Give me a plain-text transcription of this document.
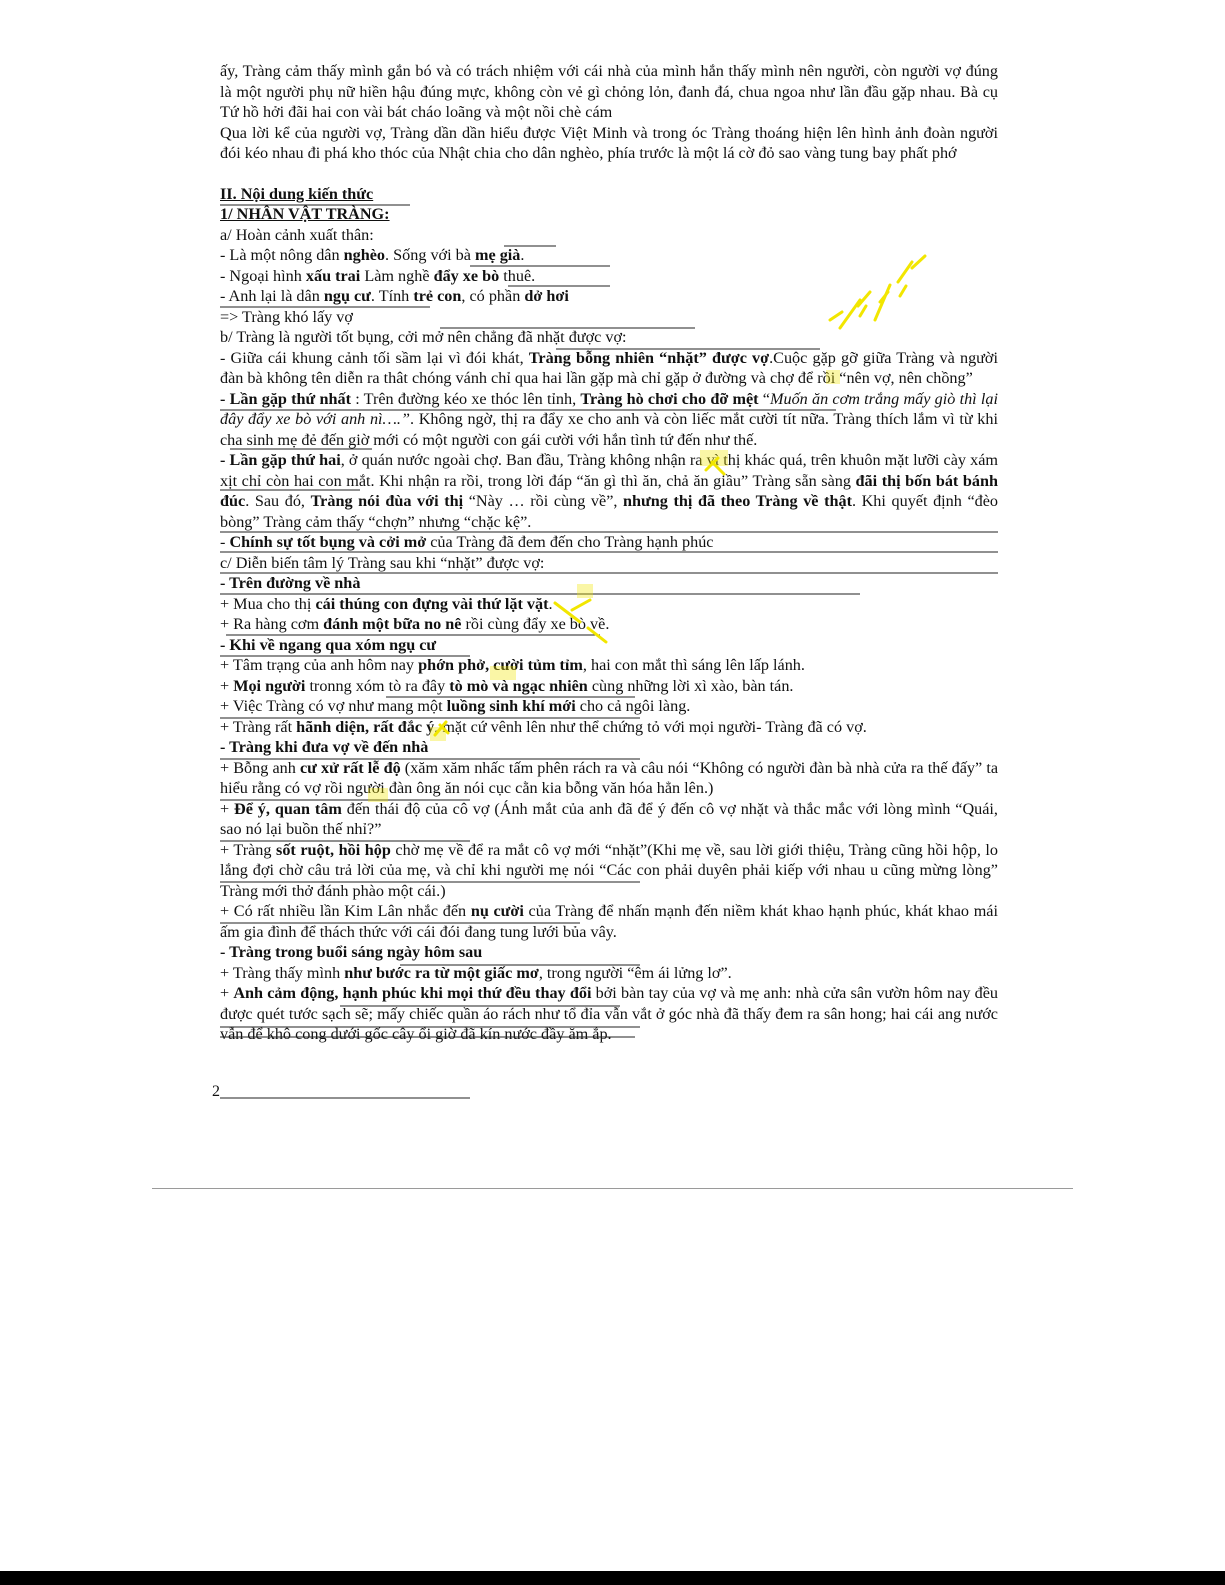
ấy, Tràng cảm thấy mình gắn bó và có trách nhiệm với cái nhà của mình hắn thấy mình nên người, còn người vợ đúng là một người phụ nữ hiền hậu đúng mực, không còn vẻ gì chỏng lỏn, đanh đá, chua ngoa như lần đầu gặp nhau. Bà cụ Tứ hồ hởi đãi hai con vài bát cháo loãng và một nồi chè cám
Qua lời kể của người vợ, Tràng dần dần hiểu được Việt Minh và trong óc Tràng thoáng hiện lên hình ảnh đoàn người đói kéo nhau đi phá kho thóc của Nhật chia cho dân nghèo, phía trước là một lá cờ đỏ sao vàng tung bay phất phớ
II. Nội dung kiến thức
1/ NHÂN VẬT TRÀNG:
a/ Hoàn cảnh xuất thân:
- Là một nông dân nghèo. Sống với bà mẹ già.
- Ngoại hình xấu trai Làm nghề đẩy xe bò thuê.
- Anh lại là dân ngụ cư. Tính trẻ con, có phần dở hơi
=> Tràng khó lấy vợ
b/ Tràng là người tốt bụng, cởi mở nên chẳng đã nhặt được vợ:
- Giữa cái khung cảnh tối sầm lại vì đói khát, Tràng bỗng nhiên “nhặt” được vợ.Cuộc gặp gỡ giữa Tràng và người đàn bà không tên diễn ra thât chóng vánh chỉ qua hai lần gặp mà chỉ gặp ở đường và chợ để rồi “nên vợ, nên chồng”
- Lần gặp thứ nhất : Trên đường kéo xe thóc lên tỉnh, Tràng hò chơi cho đỡ mệt “Muốn ăn cơm trắng mấy giò thì lại đây đẩy xe bò với anh nì….”. Không ngờ, thị ra đẩy xe cho anh và còn liếc mắt cười tít nữa. Tràng thích lắm vì từ khi cha sinh mẹ đẻ đến giờ mới có một người con gái cười với hắn tình tứ đến như thế.
- Lần gặp thứ hai, ở quán nước ngoài chợ. Ban đầu, Tràng không nhận ra vì thị khác quá, trên khuôn mặt lưỡi cày xám xịt chỉ còn hai con mắt. Khi nhận ra rồi, trong lời đáp “ăn gì thì ăn, chả ăn giầu” Tràng sẵn sàng đãi thị bốn bát bánh đúc. Sau đó, Tràng nói đùa với thị “Này … rồi cùng về”, nhưng thị đã theo Tràng về thật. Khi quyết định “đèo bòng” Tràng cảm thấy “chợn” nhưng “chặc kệ”.
- Chính sự tốt bụng và cởi mở của Tràng đã đem đến cho Tràng hạnh phúc
c/ Diễn biến tâm lý Tràng sau khi “nhặt” được vợ:
- Trên đường về nhà
+ Mua cho thị cái thúng con đựng vài thứ lặt vặt.
+ Ra hàng cơm đánh một bữa no nê rồi cùng đẩy xe bò về.
- Khi về ngang qua xóm ngụ cư
+ Tâm trạng của anh hôm nay phớn phở, cười tủm tỉm, hai con mắt thì sáng lên lấp lánh.
+ Mọi người tronng xóm tò ra đây tò mò và ngạc nhiên cùng những lời xì xào, bàn tán.
+ Việc Tràng có vợ như mang một luồng sinh khí mới cho cả ngôi làng.
+ Tràng rất hãnh diện, rất đắc ý, mặt cứ vênh lên như thể chứng tỏ với mọi người- Tràng đã có vợ.
- Tràng khi đưa vợ về đến nhà
+ Bỗng anh cư xử rất lễ độ (xăm xăm nhấc tấm phên rách ra và câu nói “Không có người đàn bà nhà cửa ra thế đấy” ta hiểu rằng có vợ rồi người đàn ông ăn nói cục cằn kia bỗng văn hóa hẳn lên.)
+ Để ý, quan tâm đến thái độ của cô vợ (Ánh mắt của anh đã để ý đến cô vợ nhặt và thắc mắc với lòng mình “Quái, sao nó lại buồn thế nhỉ?”
+ Tràng sốt ruột, hồi hộp chờ mẹ về để ra mắt cô vợ mới “nhặt”(Khi mẹ về, sau lời giới thiệu, Tràng cũng hồi hộp, lo lắng đợi chờ câu trả lời của mẹ, và chỉ khi người mẹ nói “Các con phải duyên phải kiếp với nhau u cũng mừng lòng” Tràng mới thở đánh phào một cái.)
+ Có rất nhiều lần Kim Lân nhắc đến nụ cười của Tràng để nhấn mạnh đến niềm khát khao hạnh phúc, khát khao mái ấm gia đình để thách thức với cái đói đang tung lưới bủa vây.
- Tràng trong buổi sáng ngày hôm sau
+ Tràng thấy mình như bước ra từ một giấc mơ, trong người “êm ái lửng lơ”.
+ Anh cảm động, hạnh phúc khi mọi thứ đều thay đổi bởi bàn tay của vợ và mẹ anh: nhà cửa sân vườn hôm nay đều được quét tước sạch sẽ; mấy chiếc quần áo rách như tổ đỉa vẫn vắt ở góc nhà đã thấy đem ra sân hong; hai cái ang nước vẫn để khô cong dưới gốc cây ổi giờ đã kín nước đầy ăm ắp.
2
